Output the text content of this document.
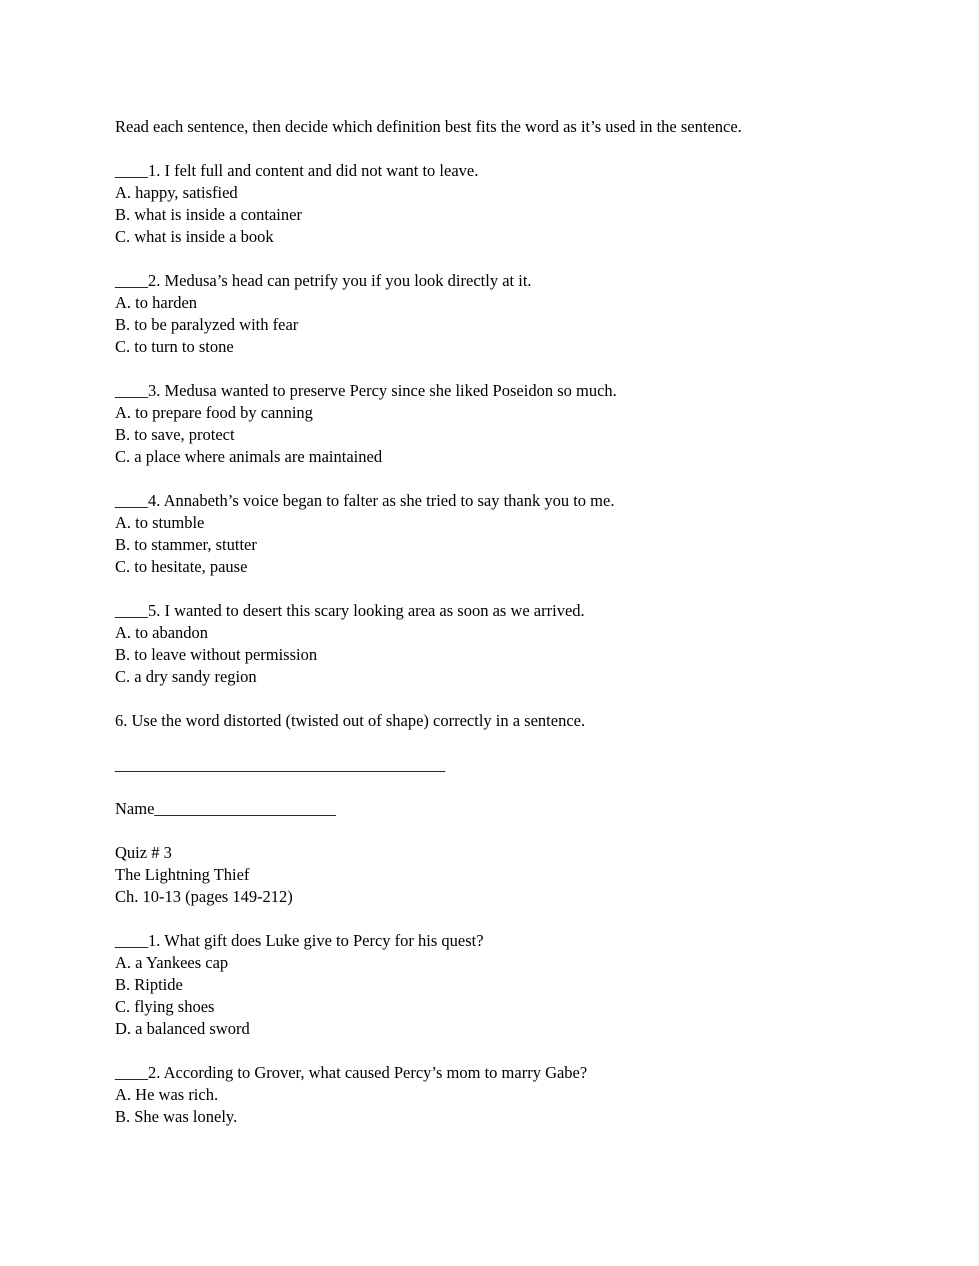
Read each sentence, then decide which definition best fits the word as it’s used in the sentence.

____1. I felt full and content and did not want to leave.
A. happy, satisfied
B. what is inside a container
C. what is inside a book
____2. Medusa’s head can petrify you if you look directly at it.
A. to harden
B. to be paralyzed with fear
C. to turn to stone
____3. Medusa wanted to preserve Percy since she liked Poseidon so much.
A. to prepare food by canning
B. to save, protect
C. a place where animals are maintained
____4. Annabeth’s voice began to falter as she tried to say thank you to me.
A. to stumble
B. to stammer, stutter
C. to hesitate, pause
____5. I wanted to desert this scary looking area as soon as we arrived.
A. to abandon
B. to leave without permission
C. a dry sandy region

6. Use the word distorted (twisted out of shape) correctly in a sentence.

________________________________________

Name______________________

Quiz # 3
The Lightning Thief
Ch. 10-13 (pages 149-212)
____1. What gift does Luke give to Percy for his quest?
A. a Yankees cap
B. Riptide
C. flying shoes
D. a balanced sword
____2. According to Grover, what caused Percy’s mom to marry Gabe?
A. He was rich.
B. She was lonely.
